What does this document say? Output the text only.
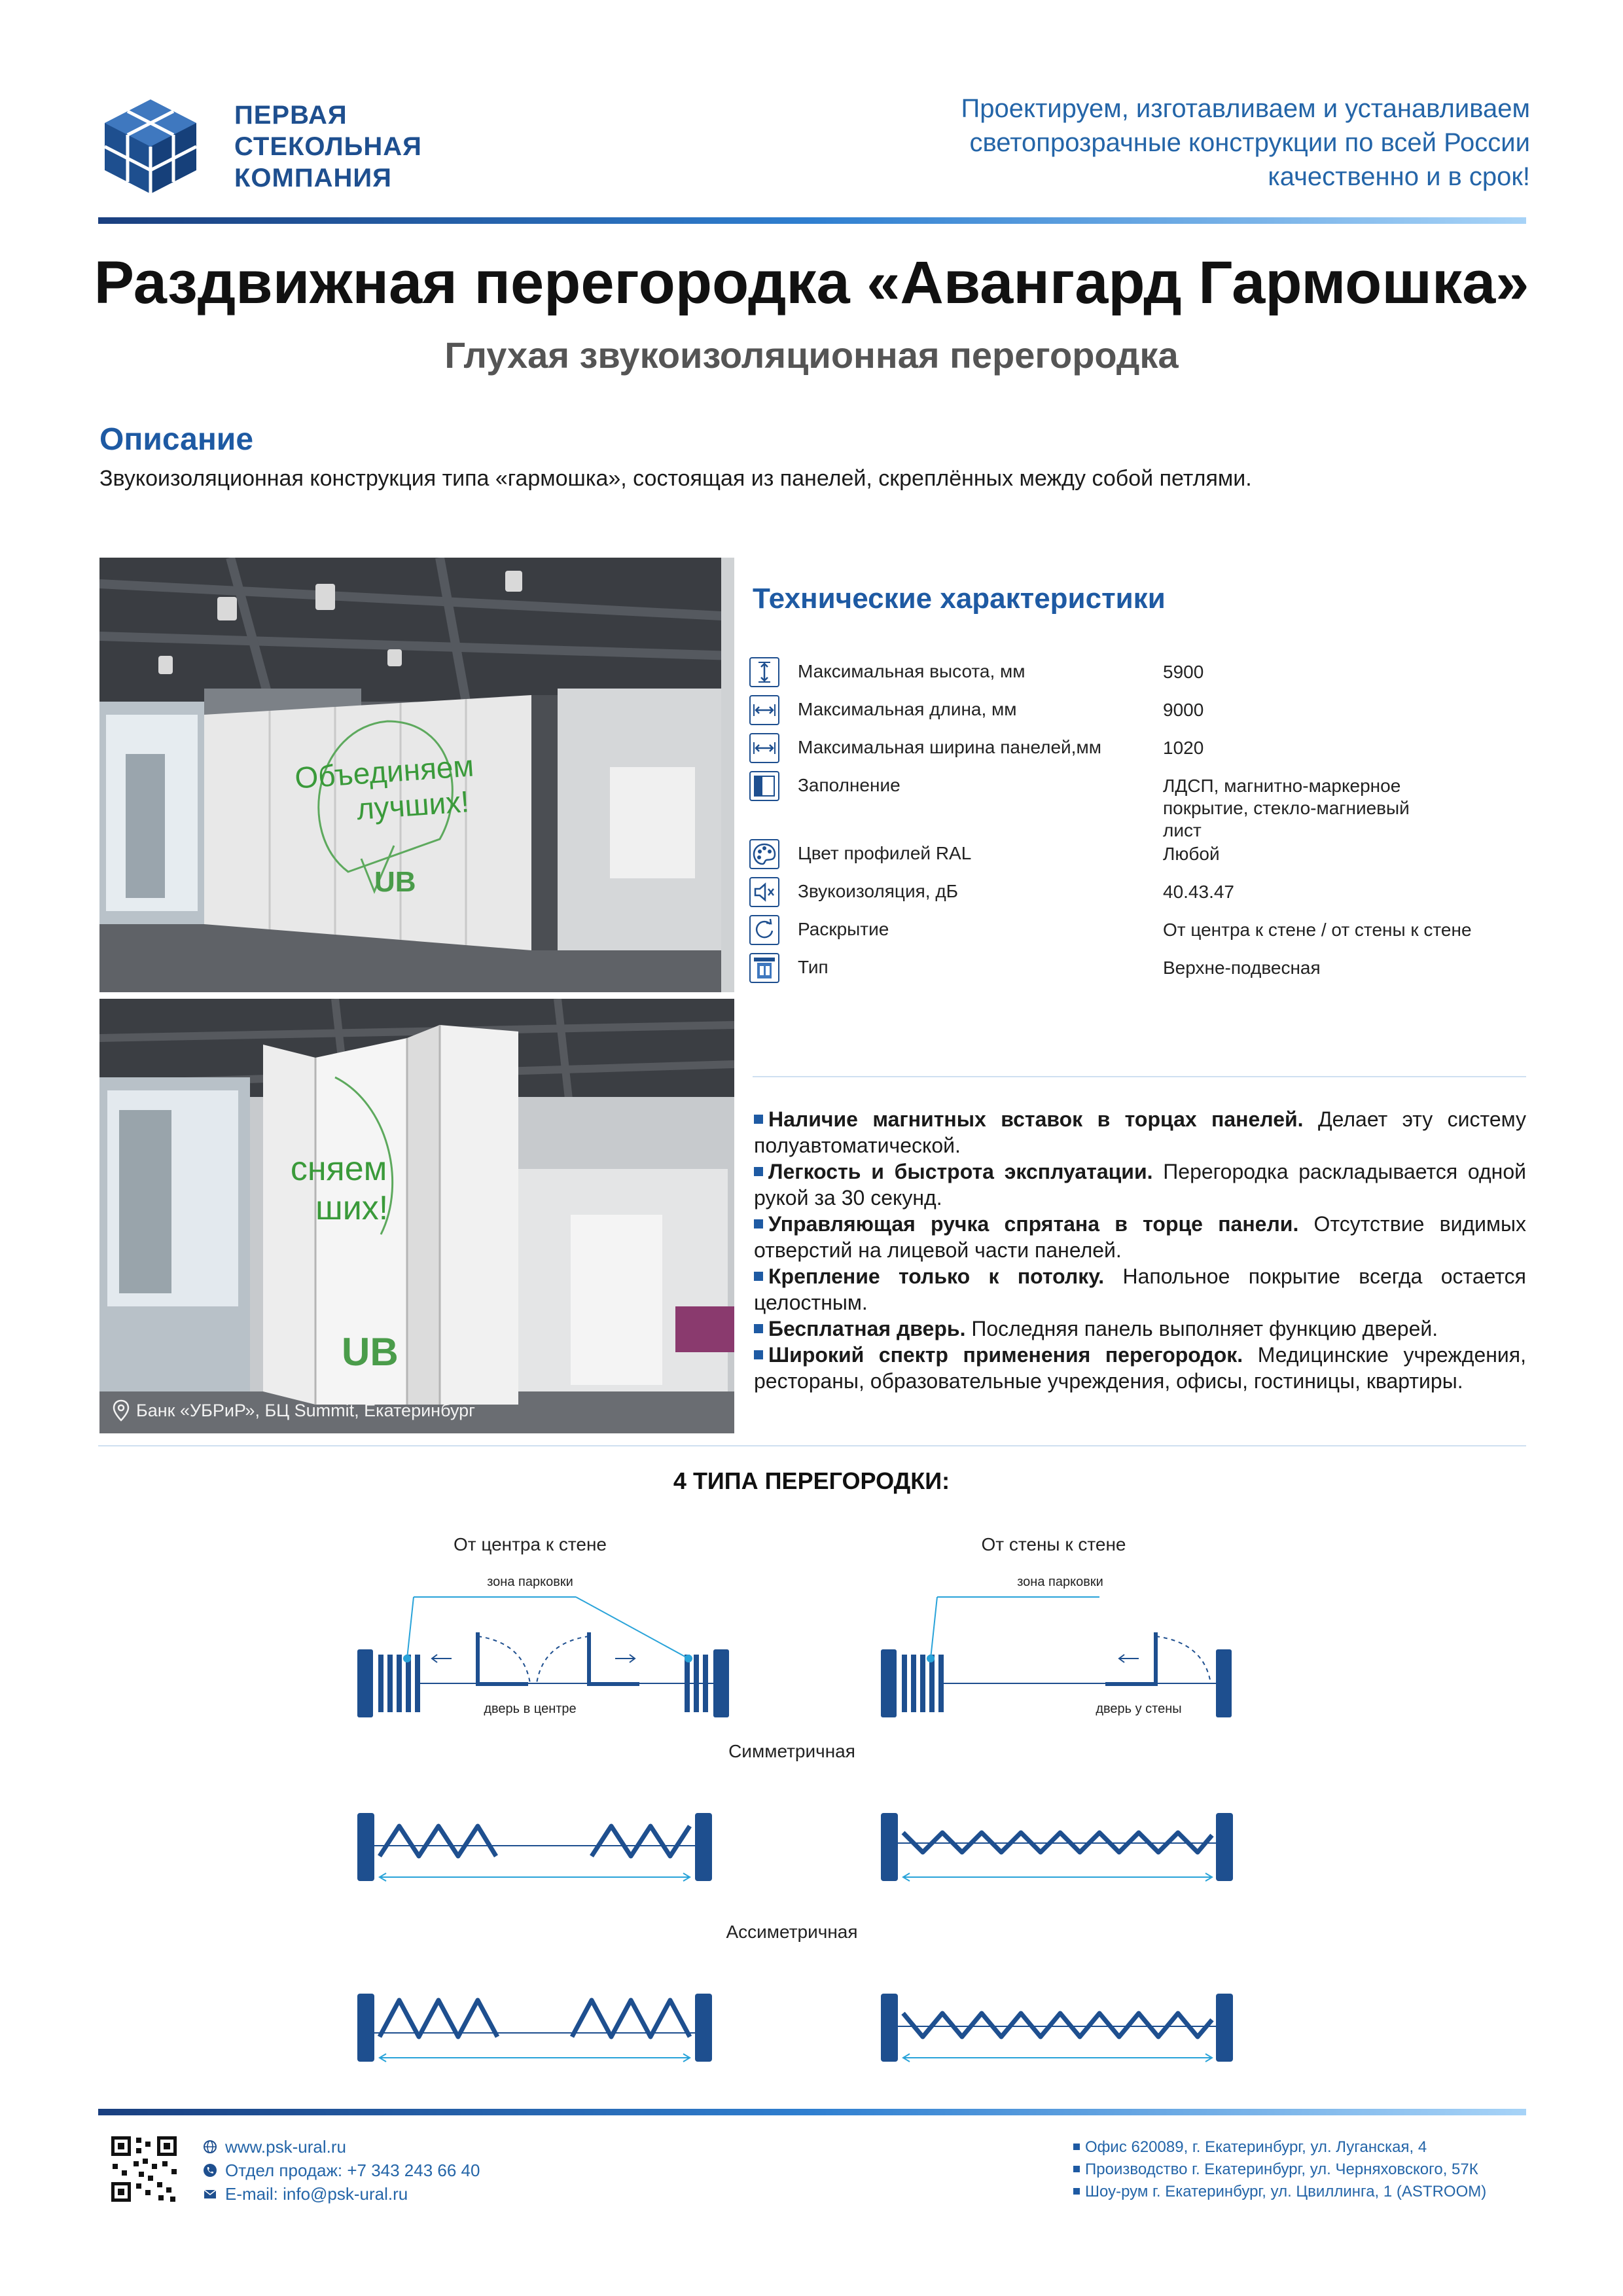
ПЕРВАЯ
СТЕКОЛЬНАЯ
КОМПАНИЯ
Проектируем, изготавливаем и устанавливаем
светопрозрачные конструкции по всей России
качественно и в срок!
Раздвижная перегородка «Авангард Гармошка»
Глухая звукоизоляционная перегородка
Описание
Звукоизоляционная конструкция типа «гармошка», состоящая из панелей, скреплённых между собой петлями.
UB
Объединяем
лучших!
UB
сняем
ших!
Банк «УБРиР», БЦ Summit, Екатеринбург
Технические характеристики
Максимальная высота, мм	5900
Максимальная длина, мм	9000
Максимальная ширина панелей,мм	1020
Заполнение	ЛДСП, магнитно-маркерное покрытие, стекло-магниевый лист
Цвет профилей RAL	Любой
Звукоизоляция, дБ	40.43.47
Раскрытие	От центра к стене / от стены к стене
Тип	Верхне-подвесная

Наличие магнитных вставок в торцах панелей. Делает эту систему полуавтоматической.

Легкость и быстрота эксплуатации. Перегородка раскладывается одной рукой за 30 секунд.

Управляющая ручка спрятана в торце панели. Отсутствие видимых отверстий на лицевой части панелей.

Крепление только к потолку. Напольное покрытие всегда остается целостным.

Бесплатная дверь. Последняя панель выполняет функцию дверей.

Широкий спектр применения перегородок. Медицинские учреждения, рестораны, образовательные учреждения, офисы, гостиницы, квартиры.

4 ТИПА ПЕРЕГОРОДКИ:
От центра к стене	От стены к стене
зона парковки
дверь в центре
зона парковки
дверь у стены
Симметричная
Ассиметричная
www.psk-ural.ru
Отдел продаж: +7 343 243 66 40
E-mail: info@psk-ural.ru
Офис 620089, г. Екатеринбург, ул. Луганская, 4
Производство г. Екатеринбург, ул. Черняховского, 57К
Шоу-рум г. Екатеринбург, ул. Цвиллинга, 1 (ASTROOM)
